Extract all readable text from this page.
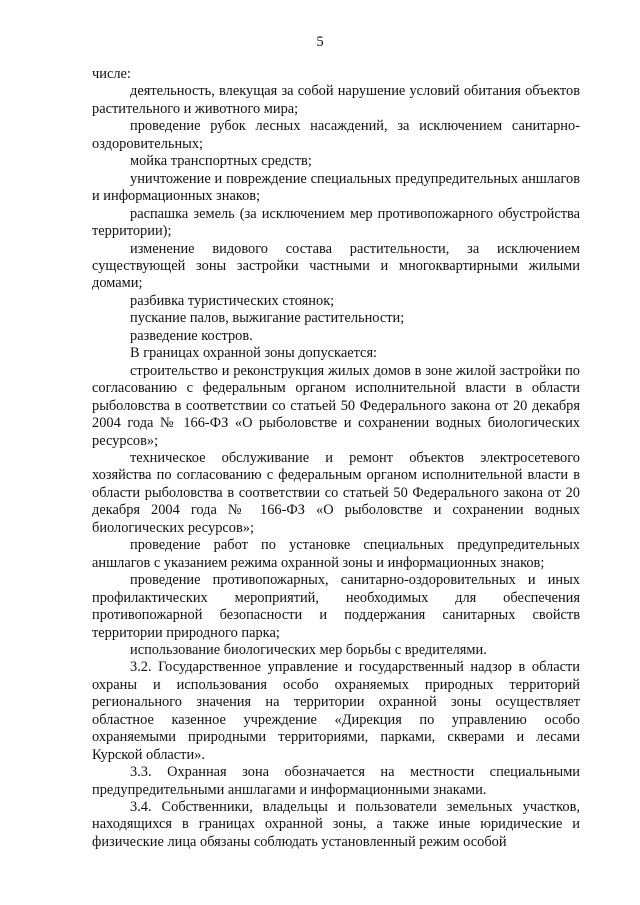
5

числе:

деятельность, влекущая за собой нарушение условий обитания объектов растительного и животного мира;

проведение рубок лесных насаждений, за исключением санитарно-оздоровительных;

мойка транспортных средств;

уничтожение и повреждение специальных предупредительных аншлагов и информационных знаков;

распашка земель (за исключением мер противопожарного обустройства территории);

изменение видового состава растительности, за исключением существующей зоны застройки частными и многоквартирными жилыми домами;

разбивка туристических стоянок;

пускание палов, выжигание растительности;

разведение костров.

В границах охранной зоны допускается:

строительство и реконструкция жилых домов в зоне жилой застройки по согласованию с федеральным органом исполнительной власти в области рыболовства в соответствии со статьей 50 Федерального закона от 20 декабря 2004 года № 166-ФЗ «О рыболовстве и сохранении водных биологических ресурсов»;

техническое обслуживание и ремонт объектов электросетевого хозяйства по согласованию с федеральным органом исполнительной власти в области рыболовства в соответствии со статьей 50 Федерального закона от 20 декабря 2004 года № 166-ФЗ «О рыболовстве и сохранении водных биологических ресурсов»;

проведение работ по установке специальных предупредительных аншлагов с указанием режима охранной зоны и информационных знаков;

проведение противопожарных, санитарно-оздоровительных и иных профилактических мероприятий, необходимых для обеспечения противопожарной безопасности и поддержания санитарных свойств территории природного парка;

использование биологических мер борьбы с вредителями.

3.2. Государственное управление и государственный надзор в области охраны и использования особо охраняемых природных территорий регионального значения на территории охранной зоны осуществляет областное казенное учреждение «Дирекция по управлению особо охраняемыми природными территориями, парками, скверами и лесами Курской области».

3.3. Охранная зона обозначается на местности специальными предупредительными аншлагами и информационными знаками.

3.4. Собственники, владельцы и пользователи земельных участков, находящихся в границах охранной зоны, а также иные юридические и физические лица обязаны соблюдать установленный режим особой
